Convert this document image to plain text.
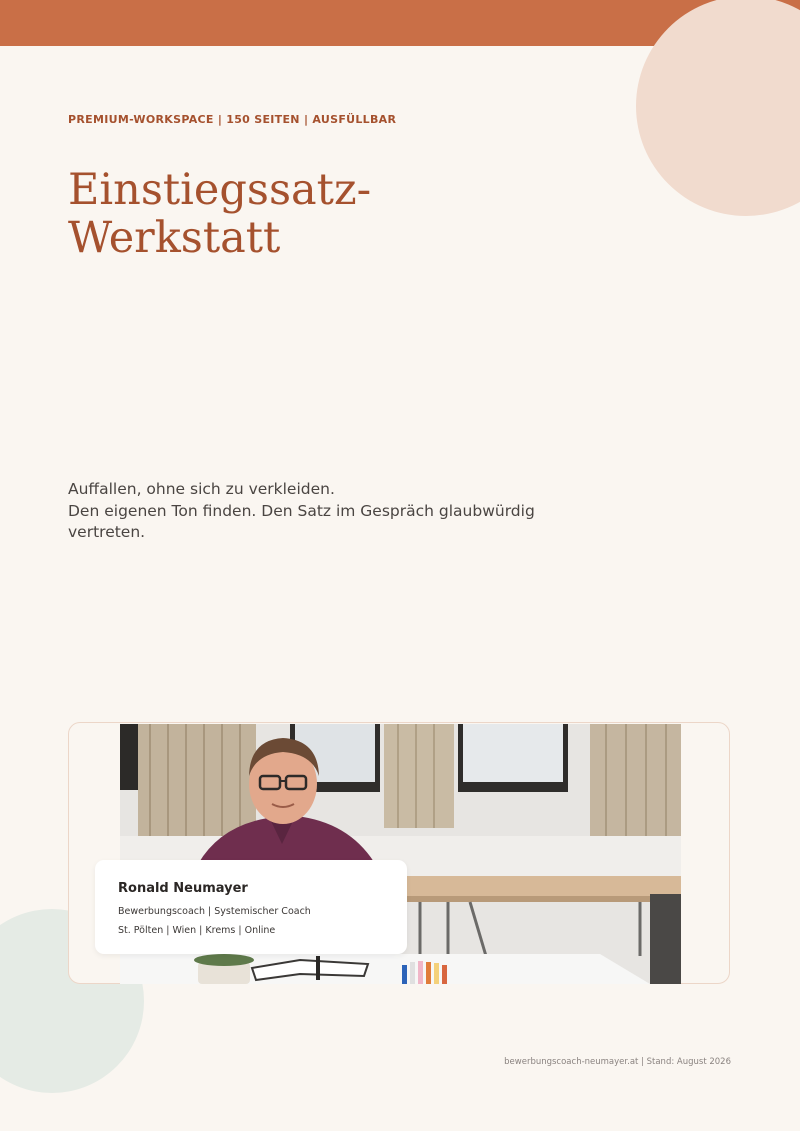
PREMIUM-WORKSPACE | 150 SEITEN | AUSFÜLLBAR
Einstiegssatz-
Werkstatt
Auffallen, ohne sich zu verkleiden.
Den eigenen Ton finden. Den Satz im Gespräch glaubwürdig
vertreten.
Ronald Neumayer
Bewerbungscoach | Systemischer Coach
St. Pölten | Wien | Krems | Online
bewerbungscoach-neumayer.at | Stand: August 2026
